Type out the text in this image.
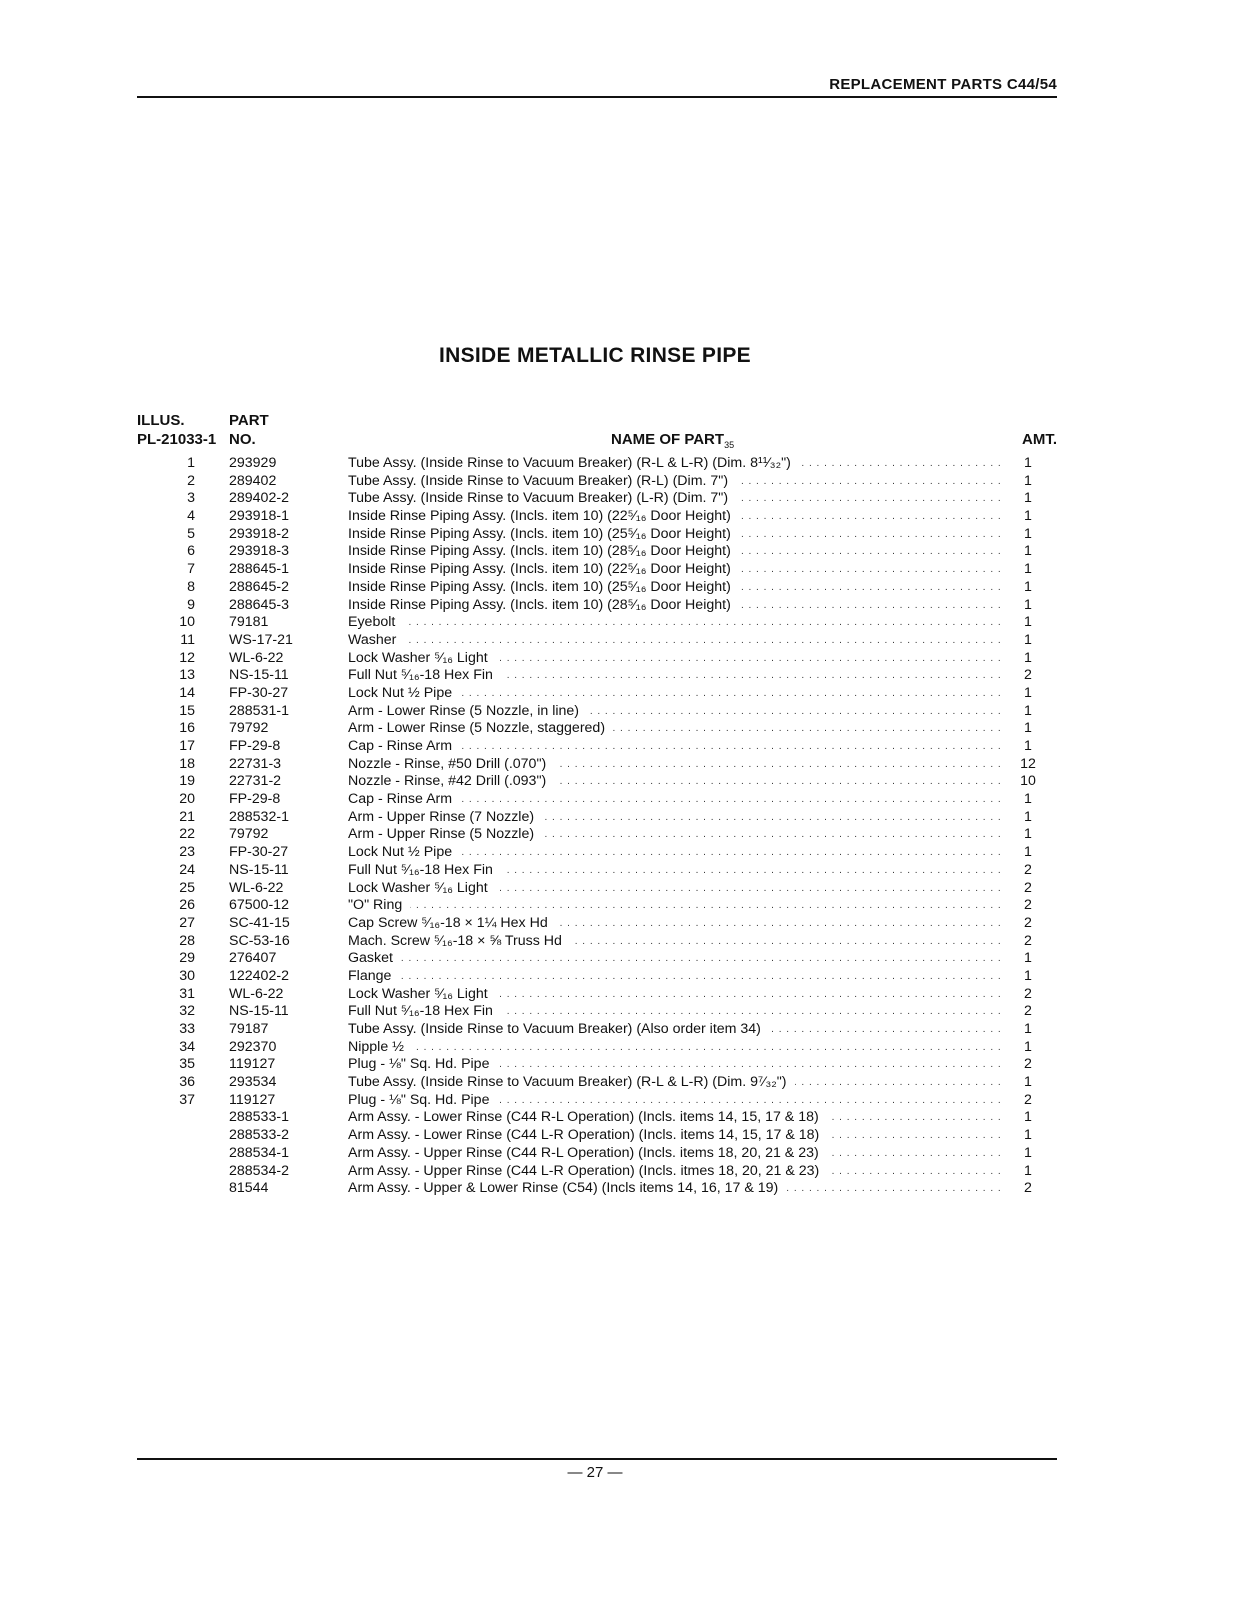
REPLACEMENT PARTS C44/54
INSIDE METALLIC RINSE PIPE
ILLUS.
PL-21033-1
PART
NO.	NAME OF $PART_{35}$	AMT.
1 293929	Tube Assy. (Inside Rinse to Vacuum Breaker) (R-L & L-R) (Dim. 8¹¹⁄₃₂") . . .	1
2 289402	Tube Assy. (Inside Rinse to Vacuum Breaker) (R-L) (Dim. 7") . . .	1
3 289402-2	Tube Assy. (Inside Rinse to Vacuum Breaker) (L-R) (Dim. 7") . . .	1
4 293918-1	Inside Rinse Piping Assy. (Incls. item 10) (22⁵⁄₁₆ Door Height) . . .	1
5 293918-2	Inside Rinse Piping Assy. (Incls. item 10) (25⁵⁄₁₆ Door Height) . . .	1
6 293918-3	Inside Rinse Piping Assy. (Incls. item 10) (28⁵⁄₁₆ Door Height) . . .	1
7 288645-1	Inside Rinse Piping Assy. (Incls. item 10) (22⁵⁄₁₆ Door Height) . . .	1
8 288645-2	Inside Rinse Piping Assy. (Incls. item 10) (25⁵⁄₁₆ Door Height) . . .	1
9 288645-3	Inside Rinse Piping Assy. (Incls. item 10) (28⁵⁄₁₆ Door Height) . . .	1
10 79181	Eyebolt . . .	1
11 WS-17-21	Washer . . .	1
12 WL-6-22	Lock Washer ⁵⁄₁₆ Light . . .	1
13 NS-15-11	Full Nut ⁵⁄₁₆-18 Hex Fin . . .	2
14 FP-30-27	Lock Nut ½ Pipe . . .	1
15 288531-1	Arm - Lower Rinse (5 Nozzle, in line) . . .	1
16 79792	Arm - Lower Rinse (5 Nozzle, staggered) . . .	1
17 FP-29-8	Cap - Rinse Arm . . .	1
18 22731-3	Nozzle - Rinse, #50 Drill (.070") . . .	12
19 22731-2	Nozzle - Rinse, #42 Drill (.093") . . .	10
20 FP-29-8	Cap - Rinse Arm . . .	1
21 288532-1	Arm - Upper Rinse (7 Nozzle) . . .	1
22 79792	Arm - Upper Rinse (5 Nozzle) . . .	1
23 FP-30-27	Lock Nut ½ Pipe . . .	1
24 NS-15-11	Full Nut ⁵⁄₁₆-18 Hex Fin . . .	2
25 WL-6-22	Lock Washer ⁵⁄₁₆ Light . . .	2
26 67500-12	"O" Ring . . .	2
27 SC-41-15	Cap Screw ⁵⁄₁₆-18 × 1¼ Hex Hd . . .	2
28 SC-53-16	Mach. Screw ⁵⁄₁₆-18 × ⅝ Truss Hd . . .	2
29 276407	Gasket . . .	1
30 122402-2	Flange . . .	1
31 WL-6-22	Lock Washer ⁵⁄₁₆ Light . . .	2
32 NS-15-11	Full Nut ⁵⁄₁₆-18 Hex Fin . . .	2
33 79187	Tube Assy. (Inside Rinse to Vacuum Breaker) (Also order item 34) . . .	1
34 292370	Nipple ½ . . .	1
35 119127	Plug - ⅛" Sq. Hd. Pipe . . .	2
36 293534	Tube Assy. (Inside Rinse to Vacuum Breaker) (R-L & L-R) (Dim. 9⁷⁄₃₂") . . .	1
37 119127	Plug - ⅛" Sq. Hd. Pipe . . .	2
288533-1	Arm Assy. - Lower Rinse (C44 R-L Operation) (Incls. items 14, 15, 17 & 18) . . .	1
288533-2	Arm Assy. - Lower Rinse (C44 L-R Operation) (Incls. items 14, 15, 17 & 18) . . .	1
288534-1	Arm Assy. - Upper Rinse (C44 R-L Operation) (Incls. items 18, 20, 21 & 23) . . .	1
288534-2	Arm Assy. - Upper Rinse (C44 L-R Operation) (Incls. itmes 18, 20, 21 & 23) . . .	1
81544	Arm Assy. - Upper & Lower Rinse (C54) (Incls items 14, 16, 17 & 19) . . .	2
— 27 —
